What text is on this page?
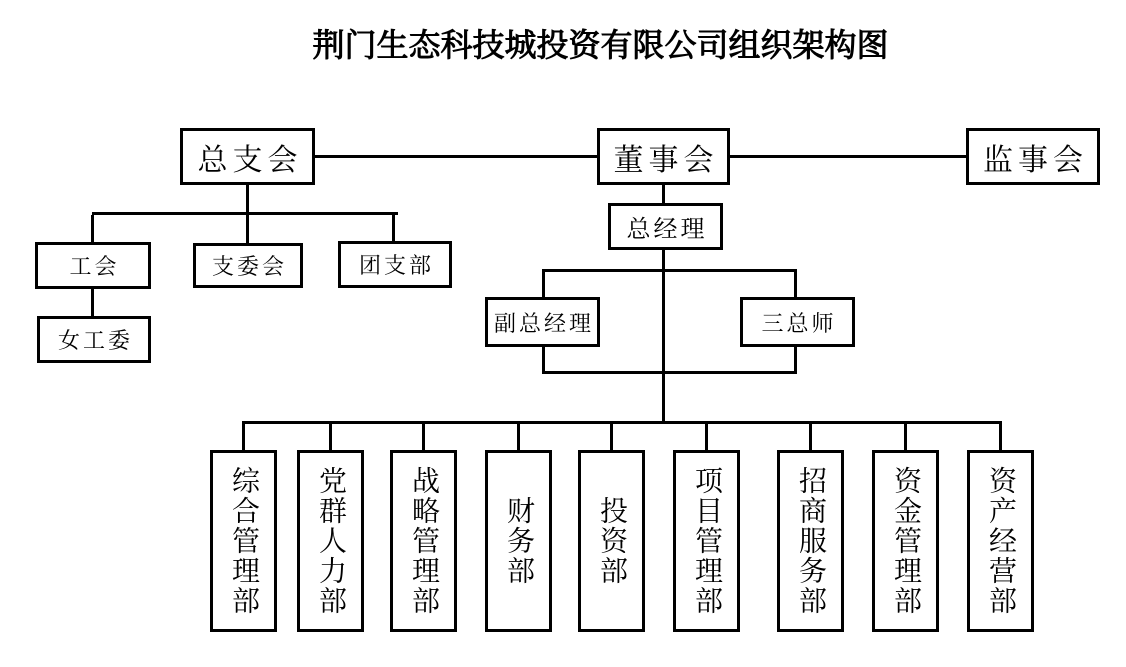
荆门生态科技城投资有限公司组织架构图
总支会	董事会	监事会
工会	支委会	团支部
女工委
总经理
副总经理	三总师
综合管理部	党群人力部	战略管理部	财务部	投资部	项目管理部	招商服务部	资金管理部	资产经营部
